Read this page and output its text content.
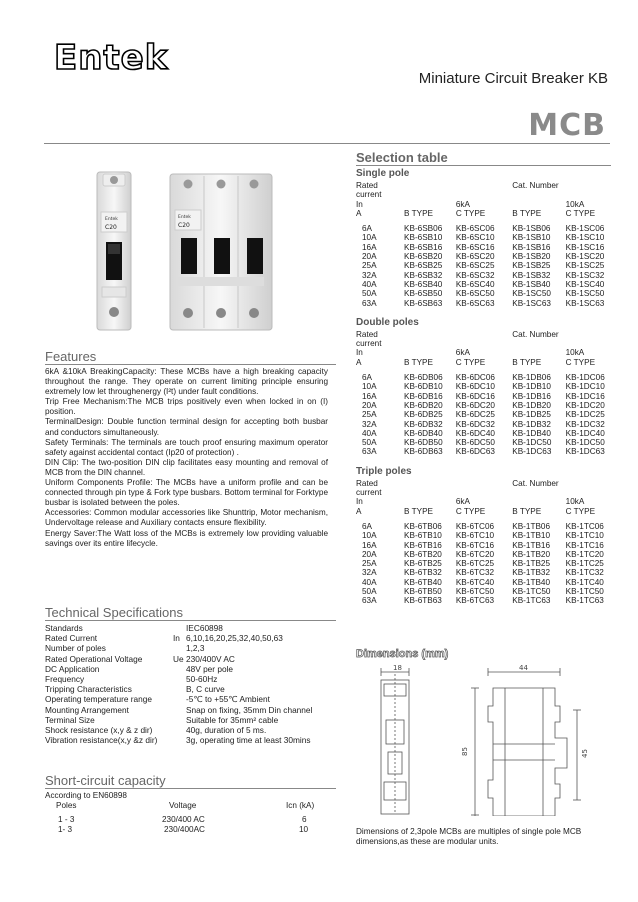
Entek
Miniature Circuit Breaker KB
MCB
Entek
C20
Entek
C20
Features
6kA &10kA BreakingCapacity: These MCBs have a high breaking capacity throughout the range. They operate on current limiting principle ensuring extremely low let throughenergy (I²t) under fault conditions.
Trip Free Mechanism:The MCB trips positively even when locked in on (I) position.
TerminalDesign: Double function terminal design for accepting both busbar and conductors simultaneously.
Safety Terminals: The terminals are touch proof ensuring maximum operator safety against accidental contact (Ip20 of protection) .
DIN Clip: The two-position DIN clip facilitates easy mounting and removal of MCB from the DIN channel.
Uniform Components Profile: The MCBs have a uniform profile and can be connected through pin type & Fork type busbars. Bottom terminal for Forktype busbar is isolated between the poles.
Accessories: Common modular accessories like Shunttrip, Motor mechanism, Undervoltage release and Auxiliary contacts ensure flexibility.
Energy Saver:The Watt loss of the MCBs is extremely low providing valuable savings over its entire lifecycle.
Technical Specifications
Standards		IEC60898
Rated Current	In	6,10,16,20,25,32,40,50,63
Number of poles		1,2,3
Rated Operational Voltage	Ue	230/400V AC
DC Application		48V per pole
Frequency		50-60Hz
Tripping Characteristics		B, C curve
Operating temperature range		-5℃ to +55℃ Ambient
Mounting Arrangement		Snap on fixing, 35mm Din channel
Terminal Size		Suitable for 35mm² cable
Shock resistance (x,y & z dir)		40g, duration of 5 ms.
Vibration resistance(x,y &z dir)		3g, operating time at least 30mins
Short-circuit capacity
According to EN60898
Poles	Voltage	Icn (kA)
1 - 3	230/400 AC	6
1- 3	230/400AC	10
Selection table
Single pole
Rated			Cat. Number	
current				
In		6kA		10kA
A	B TYPE	C TYPE	B TYPE	C TYPE

6A	KB-6SB06	KB-6SC06	KB-1SB06	KB-1SC06
10A	KB-6SB10	KB-6SC10	KB-1SB10	KB-1SC10
16A	KB-6SB16	KB-6SC16	KB-1SB16	KB-1SC16
20A	KB-6SB20	KB-6SC20	KB-1SB20	KB-1SC20
25A	KB-6SB25	KB-6SC25	KB-1SB25	KB-1SC25
32A	KB-6SB32	KB-6SC32	KB-1SB32	KB-1SC32
40A	KB-6SB40	KB-6SC40	KB-1SB40	KB-1SC40
50A	KB-6SB50	KB-6SC50	KB-1SC50	KB-1SC50
63A	KB-6SB63	KB-6SC63	KB-1SC63	KB-1SC63
Double poles
Rated			Cat. Number	
current				
In		6kA		10kA
A	B TYPE	C TYPE	B TYPE	C TYPE

6A	KB-6DB06	KB-6DC06	KB-1DB06	KB-1DC06
10A	KB-6DB10	KB-6DC10	KB-1DB10	KB-1DC10
16A	KB-6DB16	KB-6DC16	KB-1DB16	KB-1DC16
20A	KB-6DB20	KB-6DC20	KB-1DB20	KB-1DC20
25A	KB-6DB25	KB-6DC25	KB-1DB25	KB-1DC25
32A	KB-6DB32	KB-6DC32	KB-1DB32	KB-1DC32
40A	KB-6DB40	KB-6DC40	KB-1DB40	KB-1DC40
50A	KB-6DB50	KB-6DC50	KB-1DC50	KB-1DC50
63A	KB-6DB63	KB-6DC63	KB-1DC63	KB-1DC63
Triple poles
Rated			Cat. Number	
current				
In		6kA		10kA
A	B TYPE	C TYPE	B TYPE	C TYPE

6A	KB-6TB06	KB-6TC06	KB-1TB06	KB-1TC06
10A	KB-6TB10	KB-6TC10	KB-1TB10	KB-1TC10
16A	KB-6TB16	KB-6TC16	KB-1TB16	KB-1TC16
20A	KB-6TB20	KB-6TC20	KB-1TB20	KB-1TC20
25A	KB-6TB25	KB-6TC25	KB-1TB25	KB-1TC25
32A	KB-6TB32	KB-6TC32	KB-1TB32	KB-1TC32
40A	KB-6TB40	KB-6TC40	KB-1TB40	KB-1TC40
50A	KB-6TB50	KB-6TC50	KB-1TC50	KB-1TC50
63A	KB-6TB63	KB-6TC63	KB-1TC63	KB-1TC63
Dimensions (mm)
18	44
85	45
Dimensions of 2,3pole MCBs are multiples of single pole MCB dimensions,as these are modular units.
